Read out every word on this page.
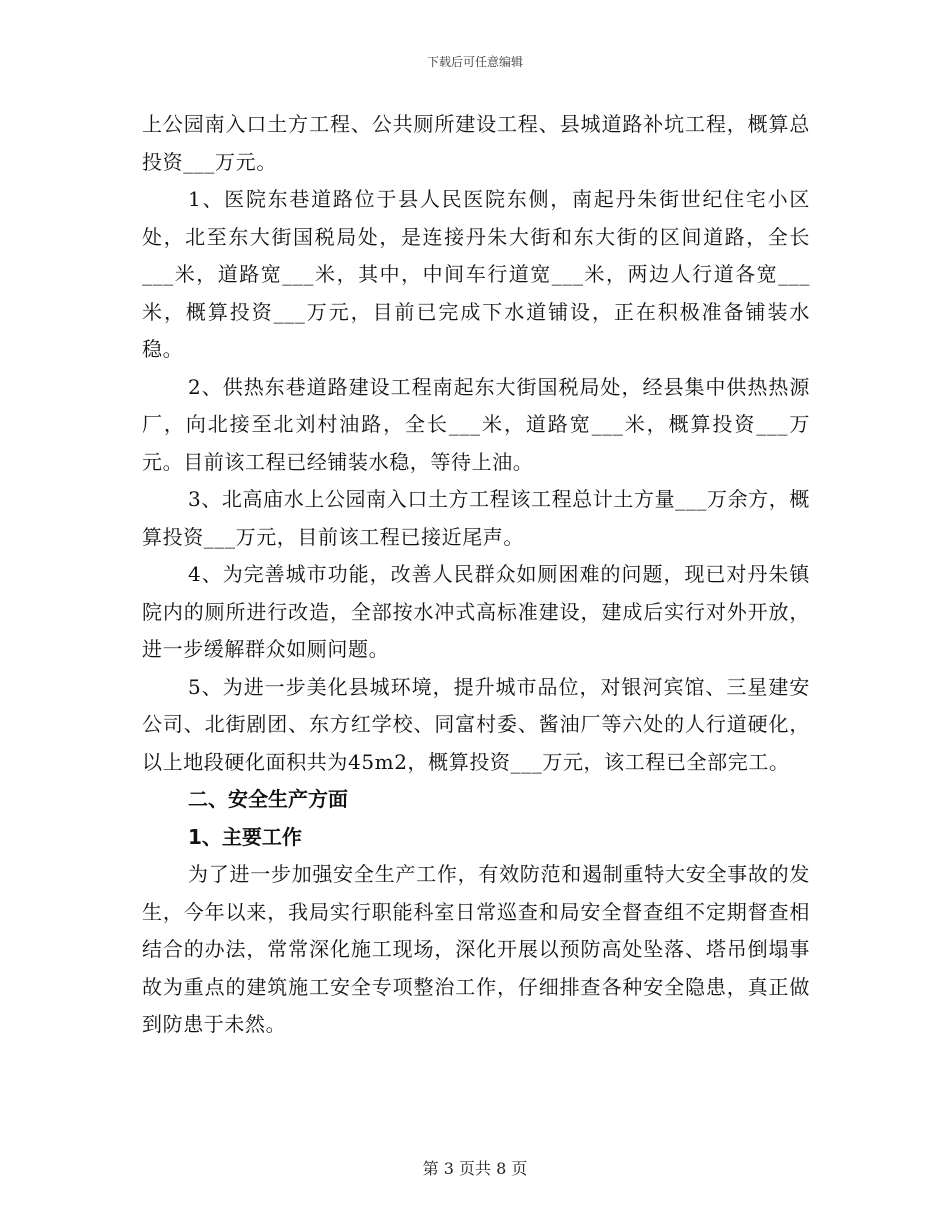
下载后可任意编辑

上公园南入口土方工程、公共厕所建设工程、县城道路补坑工程，概算总投资___万元。

1、医院东巷道路位于县人民医院东侧，南起丹朱街世纪住宅小区处，北至东大街国税局处，是连接丹朱大街和东大街的区间道路，全长___米，道路宽___米，其中，中间车行道宽___米，两边人行道各宽___米，概算投资___万元，目前已完成下水道铺设，正在积极准备铺装水稳。

2、供热东巷道路建设工程南起东大街国税局处，经县集中供热热源厂，向北接至北刘村油路，全长___米，道路宽___米，概算投资___万元。目前该工程已经铺装水稳，等待上油。

3、北高庙水上公园南入口土方工程该工程总计土方量___万余方，概算投资___万元，目前该工程已接近尾声。

4、为完善城市功能，改善人民群众如厕困难的问题，现已对丹朱镇院内的厕所进行改造，全部按水冲式高标准建设，建成后实行对外开放，进一步缓解群众如厕问题。

5、为进一步美化县城环境，提升城市品位，对银河宾馆、三星建安公司、北街剧团、东方红学校、同富村委、酱油厂等六处的人行道硬化，以上地段硬化面积共为45m2，概算投资___万元，该工程已全部完工。

二、安全生产方面

1、主要工作

为了进一步加强安全生产工作，有效防范和遏制重特大安全事故的发生，今年以来，我局实行职能科室日常巡查和局安全督查组不定期督查相结合的办法，常常深化施工现场，深化开展以预防高处坠落、塔吊倒塌事故为重点的建筑施工安全专项整治工作，仔细排查各种安全隐患，真正做到防患于未然。

第 3 页共 8 页
